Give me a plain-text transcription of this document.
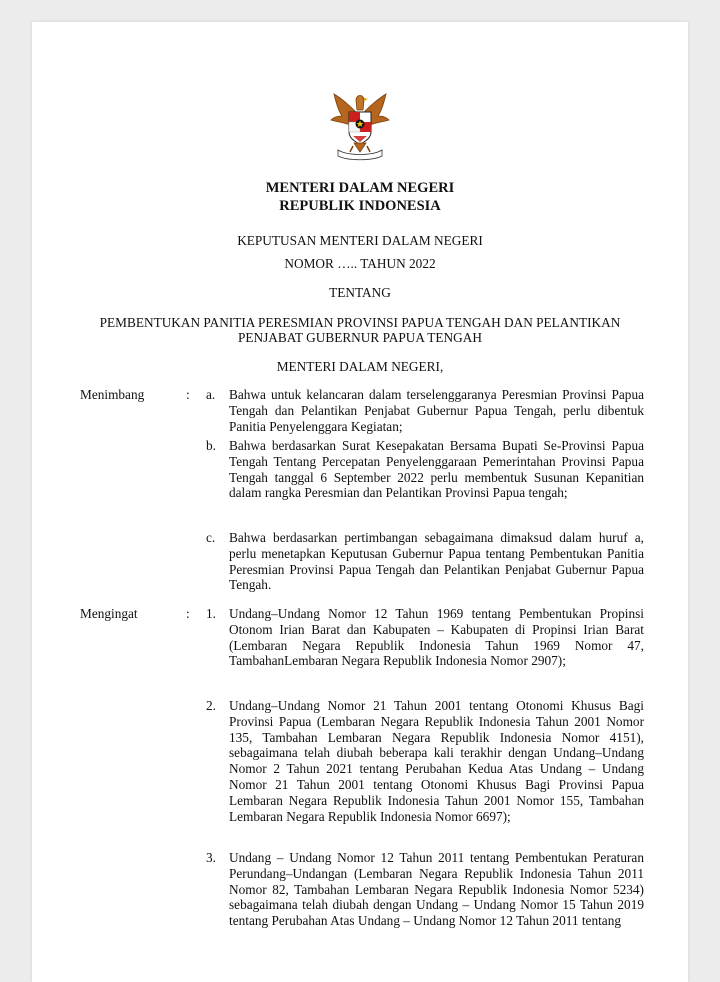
MENTERI DALAM NEGERI
REPUBLIK INDONESIA
KEPUTUSAN MENTERI DALAM NEGERI
NOMOR ….. TAHUN 2022
TENTANG
PEMBENTUKAN PANITIA PERESMIAN PROVINSI PAPUA TENGAH DAN PELANTIKAN
PENJABAT GUBERNUR PAPUA TENGAH
MENTERI DALAM NEGERI,
Menimbang	: a. Bahwa untuk kelancaran dalam terselenggaranya Peresmian Provinsi Papua Tengah dan Pelantikan Penjabat Gubernur Papua Tengah, perlu dibentuk Panitia Penyelenggara Kegiatan;
b. Bahwa berdasarkan Surat Kesepakatan Bersama Bupati Se-Provinsi Papua Tengah Tentang Percepatan Penyelenggaraan Pemerintahan Provinsi Papua Tengah tanggal 6 September 2022 perlu membentuk Susunan Kepanitian dalam rangka Peresmian dan Pelantikan Provinsi Papua tengah;
c. Bahwa berdasarkan pertimbangan sebagaimana dimaksud dalam huruf a, perlu menetapkan Keputusan Gubernur Papua tentang Pembentukan Panitia Peresmian Provinsi Papua Tengah dan Pelantikan Penjabat Gubernur Papua Tengah.
Mengingat	: 1. Undang–Undang Nomor 12 Tahun 1969 tentang Pembentukan Propinsi Otonom Irian Barat dan Kabupaten – Kabupaten di Propinsi Irian Barat (Lembaran Negara Republik Indonesia Tahun 1969 Nomor 47, TambahanLembaran Negara Republik Indonesia Nomor 2907);
2. Undang–Undang Nomor 21 Tahun 2001 tentang Otonomi Khusus Bagi Provinsi Papua (Lembaran Negara Republik Indonesia Tahun 2001 Nomor 135, Tambahan Lembaran Negara Republik Indonesia Nomor 4151), sebagaimana telah diubah beberapa kali terakhir dengan Undang–Undang Nomor 2 Tahun 2021 tentang Perubahan Kedua Atas Undang – Undang Nomor 21 Tahun 2001 tentang Otonomi Khusus Bagi Provinsi Papua Lembaran Negara Republik Indonesia Tahun 2001 Nomor 155, Tambahan Lembaran Negara Republik Indonesia Nomor 6697);
3. Undang – Undang Nomor 12 Tahun 2011 tentang Pembentukan Peraturan Perundang–Undangan (Lembaran Negara Republik Indonesia Tahun 2011 Nomor 82, Tambahan Lembaran Negara Republik Indonesia Nomor 5234) sebagaimana telah diubah dengan Undang – Undang Nomor 15 Tahun 2019 tentang Perubahan Atas Undang – Undang Nomor 12 Tahun 2011 tentang
